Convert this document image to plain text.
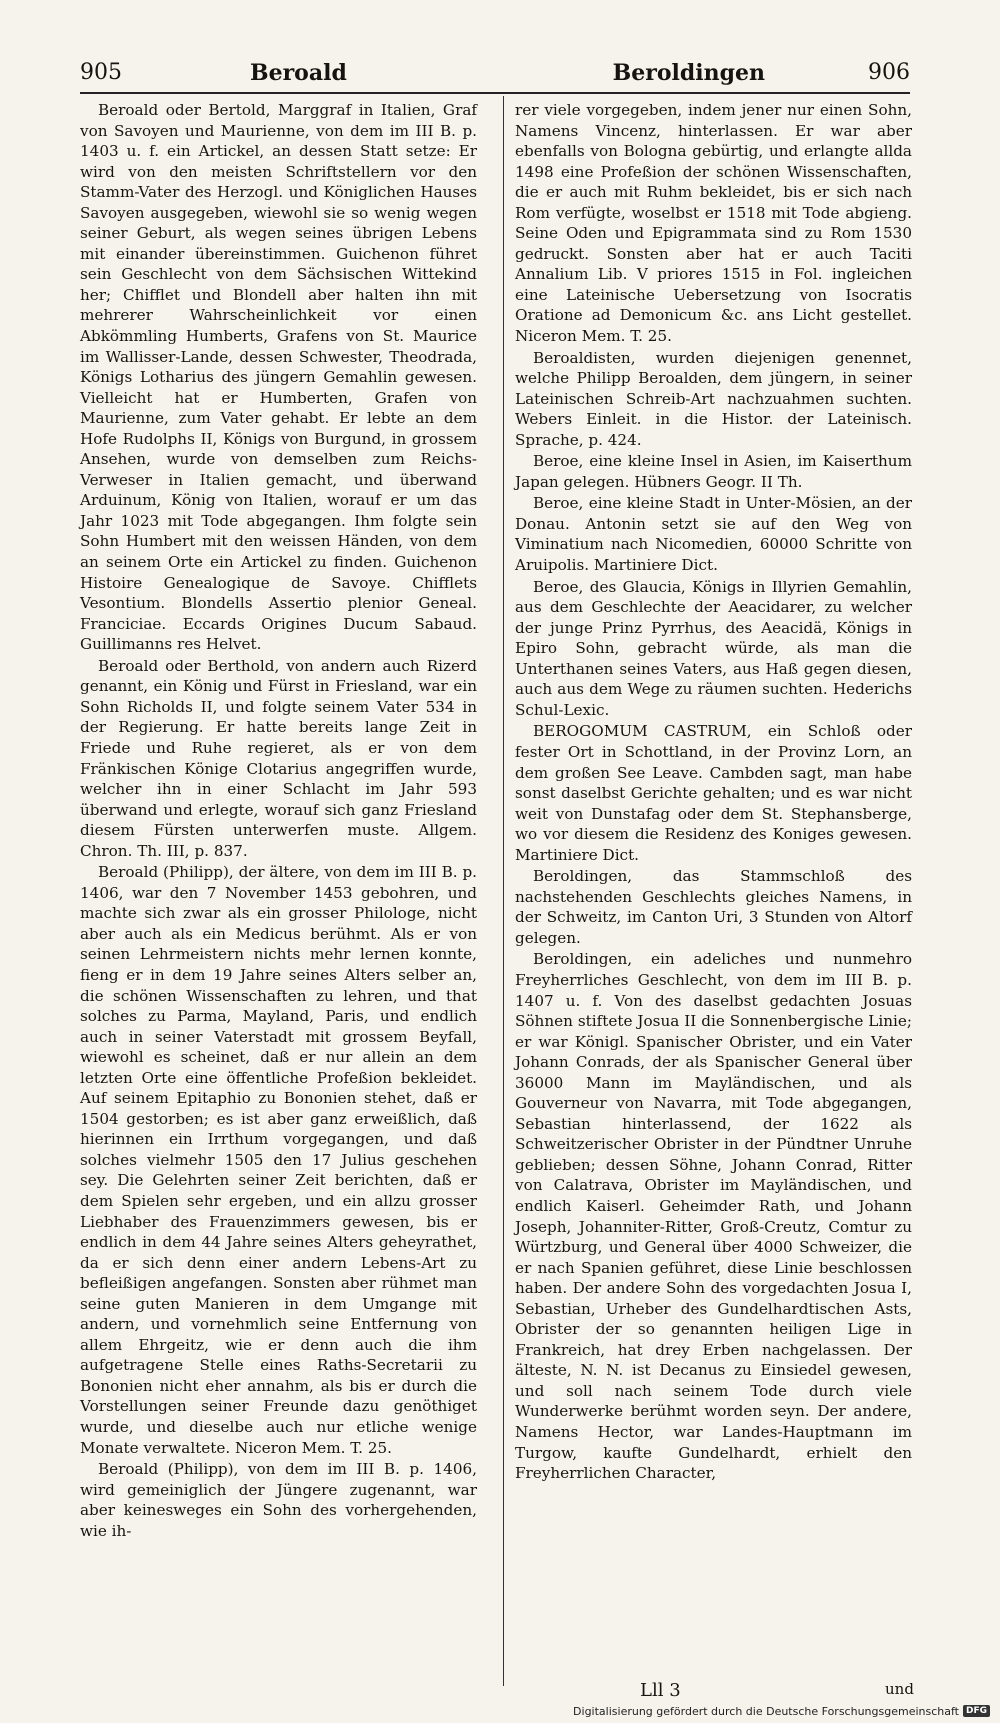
905	Beroald	Beroldingen	906

Beroald oder Bertold, Marggraf in Italien, Graf von Savoyen und Maurienne, von dem im III B. p. 1403 u. f. ein Artickel, an dessen Statt setze: Er wird von den meisten Schriftstellern vor den Stamm-Vater des Herzogl. und Königlichen Hauses Savoyen ausgegeben, wiewohl sie so wenig wegen seiner Geburt, als wegen seines übrigen Lebens mit einander übereinstimmen. Guichenon führet sein Geschlecht von dem Sächsischen Wittekind her; Chifflet und Blondell aber halten ihn mit mehrerer Wahrscheinlichkeit vor einen Abkömmling Humberts, Grafens von St. Maurice im Wallisser-Lande, dessen Schwester, Theodrada, Königs Lotharius des jüngern Gemahlin gewesen. Vielleicht hat er Humberten, Grafen von Maurienne, zum Vater gehabt. Er lebte an dem Hofe Rudolphs II, Königs von Burgund, in grossem Ansehen, wurde von demselben zum Reichs-Verweser in Italien gemacht, und überwand Arduinum, König von Italien, worauf er um das Jahr 1023 mit Tode abgegangen. Ihm folgte sein Sohn Humbert mit den weissen Händen, von dem an seinem Orte ein Artickel zu finden. Guichenon Histoire Genealogique de Savoye. Chifflets Vesontium. Blondells Assertio plenior Geneal. Franciciae. Eccards Origines Ducum Sabaud. Guillimanns res Helvet.

Beroald oder Berthold, von andern auch Rizerd genannt, ein König und Fürst in Friesland, war ein Sohn Richolds II, und folgte seinem Vater 534 in der Regierung. Er hatte bereits lange Zeit in Friede und Ruhe regieret, als er von dem Fränkischen Könige Clotarius angegriffen wurde, welcher ihn in einer Schlacht im Jahr 593 überwand und erlegte, worauf sich ganz Friesland diesem Fürsten unterwerfen muste. Allgem. Chron. Th. III, p. 837.

Beroald (Philipp), der ältere, von dem im III B. p. 1406, war den 7 November 1453 gebohren, und machte sich zwar als ein grosser Philologe, nicht aber auch als ein Medicus berühmt. Als er von seinen Lehrmeistern nichts mehr lernen konnte, fieng er in dem 19 Jahre seines Alters selber an, die schönen Wissenschaften zu lehren, und that solches zu Parma, Mayland, Paris, und endlich auch in seiner Vaterstadt mit grossem Beyfall, wiewohl es scheinet, daß er nur allein an dem letzten Orte eine öffentliche Profeßion bekleidet. Auf seinem Epitaphio zu Bononien stehet, daß er 1504 gestorben; es ist aber ganz erweißlich, daß hierinnen ein Irrthum vorgegangen, und daß solches vielmehr 1505 den 17 Julius geschehen sey. Die Gelehrten seiner Zeit berichten, daß er dem Spielen sehr ergeben, und ein allzu grosser Liebhaber des Frauenzimmers gewesen, bis er endlich in dem 44 Jahre seines Alters geheyrathet, da er sich denn einer andern Lebens-Art zu befleißigen angefangen. Sonsten aber rühmet man seine guten Manieren in dem Umgange mit andern, und vornehmlich seine Entfernung von allem Ehrgeitz, wie er denn auch die ihm aufgetragene Stelle eines Raths-Secretarii zu Bononien nicht eher annahm, als bis er durch die Vorstellungen seiner Freunde dazu genöthiget wurde, und dieselbe auch nur etliche wenige Monate verwaltete. Niceron Mem. T. 25.

Beroald (Philipp), von dem im III B. p. 1406, wird gemeiniglich der Jüngere zugenannt, war aber keinesweges ein Sohn des vorhergehenden, wie ih-

rer viele vorgegeben, indem jener nur einen Sohn, Namens Vincenz, hinterlassen. Er war aber ebenfalls von Bologna gebürtig, und erlangte allda 1498 eine Profeßion der schönen Wissenschaften, die er auch mit Ruhm bekleidet, bis er sich nach Rom verfügte, woselbst er 1518 mit Tode abgieng. Seine Oden und Epigrammata sind zu Rom 1530 gedruckt. Sonsten aber hat er auch Taciti Annalium Lib. V priores 1515 in Fol. ingleichen eine Lateinische Uebersetzung von Isocratis Oratione ad Demonicum &c. ans Licht gestellet. Niceron Mem. T. 25.

Beroaldisten, wurden diejenigen genennet, welche Philipp Beroalden, dem jüngern, in seiner Lateinischen Schreib-Art nachzuahmen suchten. Webers Einleit. in die Histor. der Lateinisch. Sprache, p. 424.

Beroe, eine kleine Insel in Asien, im Kaiserthum Japan gelegen. Hübners Geogr. II Th.

Beroe, eine kleine Stadt in Unter-Mösien, an der Donau. Antonin setzt sie auf den Weg von Viminatium nach Nicomedien, 60000 Schritte von Aruipolis. Martiniere Dict.

Beroe, des Glaucia, Königs in Illyrien Gemahlin, aus dem Geschlechte der Aeacidarer, zu welcher der junge Prinz Pyrrhus, des Aeacidä, Königs in Epiro Sohn, gebracht würde, als man die Unterthanen seines Vaters, aus Haß gegen diesen, auch aus dem Wege zu räumen suchten. Hederichs Schul-Lexic.

BEROGOMUM CASTRUM, ein Schloß oder fester Ort in Schottland, in der Provinz Lorn, an dem großen See Leave. Cambden sagt, man habe sonst daselbst Gerichte gehalten; und es war nicht weit von Dunstafag oder dem St. Stephansberge, wo vor diesem die Residenz des Koniges gewesen. Martiniere Dict.

Beroldingen, das Stammschloß des nachstehenden Geschlechts gleiches Namens, in der Schweitz, im Canton Uri, 3 Stunden von Altorf gelegen.

Beroldingen, ein adeliches und nunmehro Freyherrliches Geschlecht, von dem im III B. p. 1407 u. f. Von des daselbst gedachten Josuas Söhnen stiftete Josua II die Sonnenbergische Linie; er war Königl. Spanischer Obrister, und ein Vater Johann Conrads, der als Spanischer General über 36000 Mann im Mayländischen, und als Gouverneur von Navarra, mit Tode abgegangen, Sebastian hinterlassend, der 1622 als Schweitzerischer Obrister in der Pündtner Unruhe geblieben; dessen Söhne, Johann Conrad, Ritter von Calatrava, Obrister im Mayländischen, und endlich Kaiserl. Geheimder Rath, und Johann Joseph, Johanniter-Ritter, Groß-Creutz, Comtur zu Würtzburg, und General über 4000 Schweizer, die er nach Spanien geführet, diese Linie beschlossen haben. Der andere Sohn des vorgedachten Josua I, Sebastian, Urheber des Gundelhardtischen Asts, Obrister der so genannten heiligen Lige in Frankreich, hat drey Erben nachgelassen. Der älteste, N. N. ist Decanus zu Einsiedel gewesen, und soll nach seinem Tode durch viele Wunderwerke berühmt worden seyn. Der andere, Namens Hector, war Landes-Hauptmann im Turgow, kaufte Gundelhardt, erhielt den Freyherrlichen Character,

Lll 3	und
Digitalisierung gefördert durch die Deutsche Forschungsgemeinschaft DFG
